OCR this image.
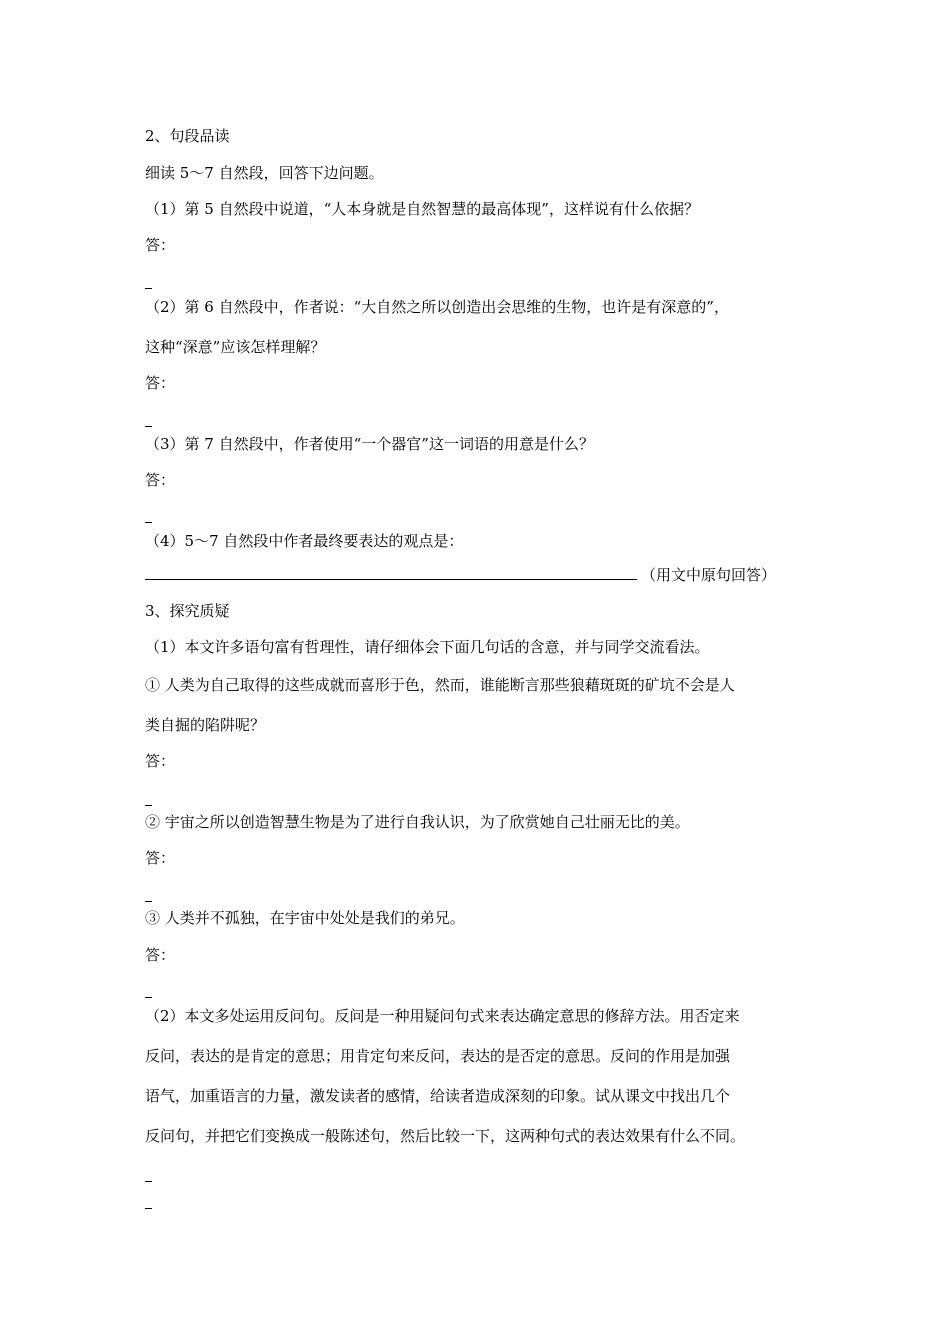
2、句段品读
细读 5～7 自然段，回答下边问题。
（1）第 5 自然段中说道，“人本身就是自然智慧的最高体现”，这样说有什么依据？
答：
（2）第 6 自然段中，作者说：“大自然之所以创造出会思维的生物，也许是有深意的”，
这种“深意”应该怎样理解？
答：
（3）第 7 自然段中，作者使用“一个器官”这一词语的用意是什么？
答：
（4）5～7 自然段中作者最终要表达的观点是：
（用文中原句回答）
3、探究质疑
（1）本文许多语句富有哲理性，请仔细体会下面几句话的含意，并与同学交流看法。
① 人类为自己取得的这些成就而喜形于色，然而，谁能断言那些狼藉斑斑的矿坑不会是人
类自掘的陷阱呢？
答：
② 宇宙之所以创造智慧生物是为了进行自我认识，为了欣赏她自己壮丽无比的美。
答：
③ 人类并不孤独，在宇宙中处处是我们的弟兄。
答：
（2）本文多处运用反问句。反问是一种用疑问句式来表达确定意思的修辞方法。用否定来
反问，表达的是肯定的意思；用肯定句来反问，表达的是否定的意思。反问的作用是加强
语气，加重语言的力量，激发读者的感情，给读者造成深刻的印象。试从课文中找出几个
反问句，并把它们变换成一般陈述句，然后比较一下，这两种句式的表达效果有什么不同。
